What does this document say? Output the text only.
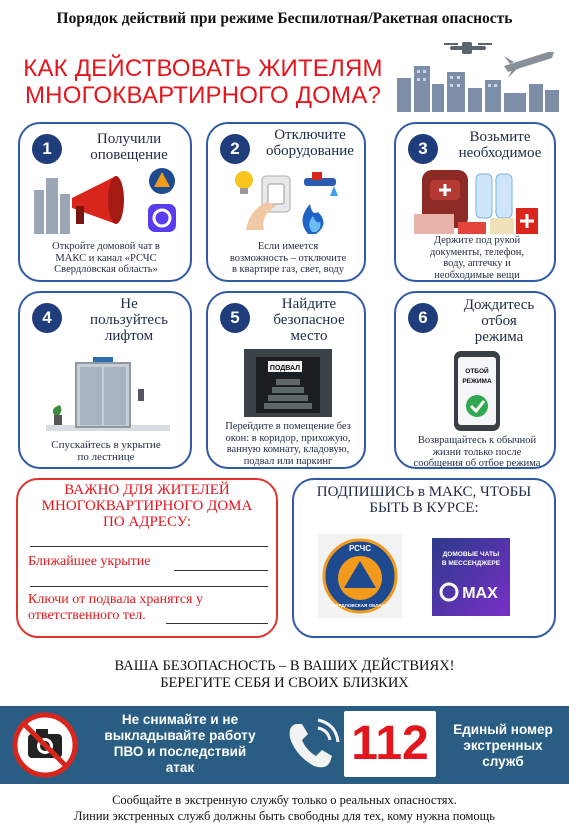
Порядок действий при режиме Беспилотная/Ракетная опасность
КАК ДЕЙСТВОВАТЬ ЖИТЕЛЯМ
МНОГОКВАРТИРНОГО ДОМА?
1	Получили
оповещение
Откройте домовой чат в
МАКС и канал «РСЧС
Свердловская область»
2
Отключите
оборудование
Если имеется
возможность – отключите
в квартире газ, свет, воду
3
Возьмите
необходимое
Держите под рукой
документы, телефон,
воду, аптечку и
необходимые вещи
4
Не
пользуйтесь
лифтом
Спускайтесь в укрытие
по лестнице
5
Найдите
безопасное
место
ПОДВАЛ
Перейдите в помещение без
окон: в коридор, прихожую,
ванную комнату, кладовую,
подвал или паркинг
6
Дождитесь
отбоя
режима
ОТБОЙ
РЕЖИМА
Возвращайтесь к обычной
жизни только после
сообщения об отбое режима
ВАЖНО ДЛЯ ЖИТЕЛЕЙ
МНОГОКВАРТИРНОГО ДОМА
ПО АДРЕСУ:
Ближайшее укрытие
Ключи от подвала хранятся у
ответственного тел.
ПОДПИШИСЬ в МАКС, ЧТОБЫ
БЫТЬ В КУРСЕ:
РСЧС
СВЕРДЛОВСКАЯ ОБЛАСТЬ
ДОМОВЫЕ ЧАТЫ
В МЕССЕНДЖЕРЕ
MAX
ВАША БЕЗОПАСНОСТЬ – В ВАШИХ ДЕЙСТВИЯХ!
БЕРЕГИТЕ СЕБЯ И СВОИХ БЛИЗКИХ
Не снимайте и не
выкладывайте работу
ПВО и последствий
атак	112	Единый номер
экстренных
служб
Сообщайте в экстренную службу только о реальных опасностях.
Линии экстренных служб должны быть свободны для тех, кому нужна помощь
